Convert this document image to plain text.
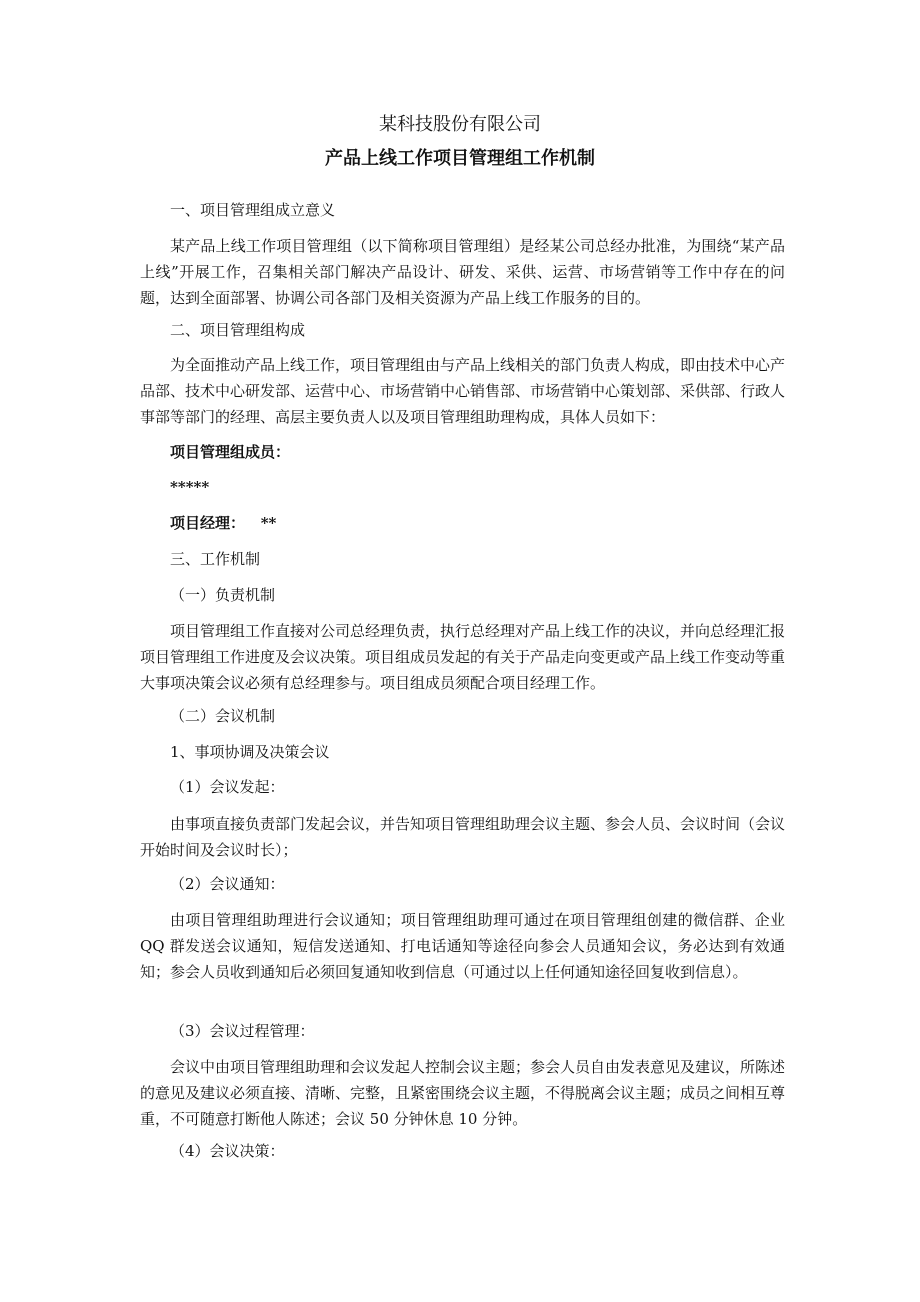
某科技股份有限公司
产品上线工作项目管理组工作机制

一、项目管理组成立意义

某产品上线工作项目管理组（以下简称项目管理组）是经某公司总经办批准，为围绕“某产品上线”开展工作，召集相关部门解决产品设计、研发、采供、运营、市场营销等工作中存在的问题，达到全面部署、协调公司各部门及相关资源为产品上线工作服务的目的。

二、项目管理组构成

为全面推动产品上线工作，项目管理组由与产品上线相关的部门负责人构成，即由技术中心产品部、技术中心研发部、运营中心、市场营销中心销售部、市场营销中心策划部、采供部、行政人事部等部门的经理、高层主要负责人以及项目管理组助理构成，具体人员如下：

项目管理组成员：

*****

项目经理： **

三、工作机制

（一）负责机制

项目管理组工作直接对公司总经理负责，执行总经理对产品上线工作的决议，并向总经理汇报项目管理组工作进度及会议决策。项目组成员发起的有关于产品走向变更或产品上线工作变动等重大事项决策会议必须有总经理参与。项目组成员须配合项目经理工作。

（二）会议机制

1、事项协调及决策会议

（1）会议发起：

由事项直接负责部门发起会议，并告知项目管理组助理会议主题、参会人员、会议时间（会议开始时间及会议时长）；

（2）会议通知：

由项目管理组助理进行会议通知；项目管理组助理可通过在项目管理组创建的微信群、企业 QQ 群发送会议通知，短信发送通知、打电话通知等途径向参会人员通知会议，务必达到有效通知；参会人员收到通知后必须回复通知收到信息（可通过以上任何通知途径回复收到信息）。

（3）会议过程管理：

会议中由项目管理组助理和会议发起人控制会议主题；参会人员自由发表意见及建议，所陈述的意见及建议必须直接、清晰、完整，且紧密围绕会议主题，不得脱离会议主题；成员之间相互尊重，不可随意打断他人陈述；会议 50 分钟休息 10 分钟。

（4）会议决策：
